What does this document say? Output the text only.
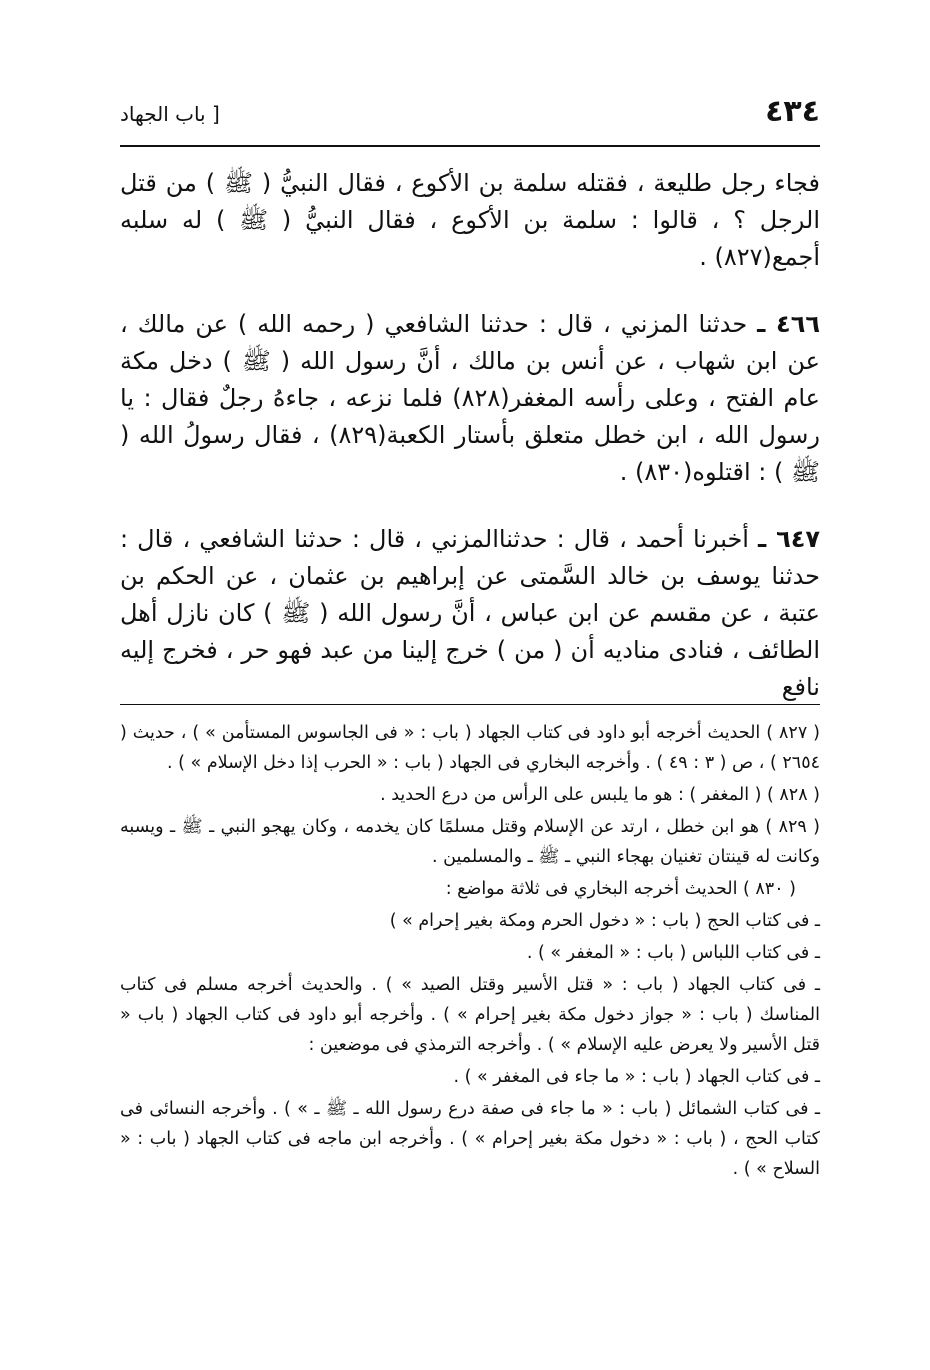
٤٣٤
[ باب الجهاد

فجاء رجل طليعة ، فقتله سلمة بن الأكوع ، فقال النبيُّ ( ﷺ ) من قتل الرجل ؟ ، قالوا : سلمة بن الأكوع ، فقال النبيُّ ( ﷺ ) له سلبه أجمع(٨٢٧) .

٤٦٦ ـ حدثنا المزني ، قال : حدثنا الشافعي ( رحمه الله ) عن مالك ، عن ابن شهاب ، عن أنس بن مالك ، أنَّ رسول الله ( ﷺ ) دخل مكة عام الفتح ، وعلى رأسه المغفر(٨٢٨) فلما نزعه ، جاءهُ رجلٌ فقال : يا رسول الله ، ابن خطل متعلق بأستار الكعبة(٨٢٩) ، فقال رسولُ الله ( ﷺ ) : اقتلوه(٨٣٠) .

٦٤٧ ـ أخبرنا أحمد ، قال : حدثناالمزني ، قال : حدثنا الشافعي ، قال : حدثنا يوسف بن خالد السَّمتى عن إبراهيم بن عثمان ، عن الحكم بن عتبة ، عن مقسم عن ابن عباس ، أنَّ رسول الله ( ﷺ ) كان نازل أهل الطائف ، فنادى مناديه أن ( من ) خرج إلينا من عبد فهو حر ، فخرج إليه نافع

( ٨٢٧ ) الحديث أخرجه أبو داود فى كتاب الجهاد ( باب : « فى الجاسوس المستأمن » ) ، حديث ( ٢٦٥٤ ) ، ص ( ٣ : ٤٩ ) . وأخرجه البخاري فى الجهاد ( باب : « الحرب إذا دخل الإسلام » ) .

( ٨٢٨ ) ( المغفر ) : هو ما يلبس على الرأس من درع الحديد .

( ٨٢٩ ) هو ابن خطل ، ارتد عن الإسلام وقتل مسلمًا كان يخدمه ، وكان يهجو النبي ـ ﷺ ـ ويسبه وكانت له قينتان تغنيان بهجاء النبي ـ ﷺ ـ والمسلمين .

( ٨٣٠ ) الحديث أخرجه البخاري فى ثلاثة مواضع :

ـ فى كتاب الحج ( باب : « دخول الحرم ومكة بغير إحرام » )

ـ فى كتاب اللباس ( باب : « المغفر » ) .

ـ فى كتاب الجهاد ( باب : « قتل الأسير وقتل الصيد » ) . والحديث أخرجه مسلم فى كتاب المناسك ( باب : « جواز دخول مكة بغير إحرام » ) . وأخرجه أبو داود فى كتاب الجهاد ( باب « قتل الأسير ولا يعرض عليه الإسلام » ) . وأخرجه الترمذي فى موضعين :

ـ فى كتاب الجهاد ( باب : « ما جاء فى المغفر » ) .

ـ فى كتاب الشمائل ( باب : « ما جاء فى صفة درع رسول الله ـ ﷺ ـ » ) . وأخرجه النسائى فى كتاب الحج ، ( باب : « دخول مكة بغير إحرام » ) . وأخرجه ابن ماجه فى كتاب الجهاد ( باب : « السلاح » ) .
